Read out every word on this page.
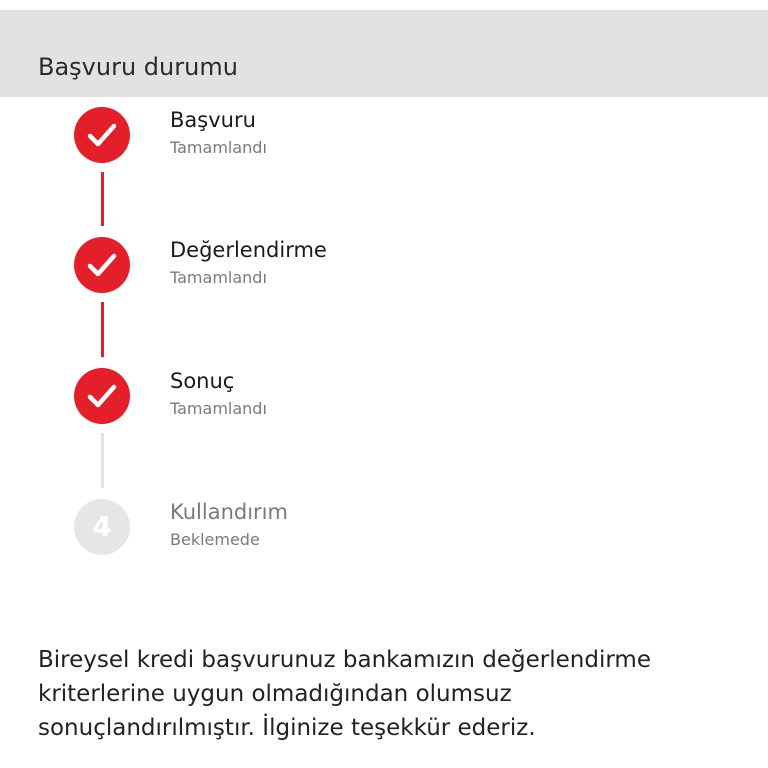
Başvuru durumu
Başvuru
Tamamlandı
Değerlendirme
Tamamlandı
Sonuç
Tamamlandı
4	Kullandırım
Beklemede
Bireysel kredi başvurunuz bankamızın değerlendirme kriterlerine uygun olmadığından olumsuz sonuçlandırılmıştır. İlginize teşekkür ederiz.
